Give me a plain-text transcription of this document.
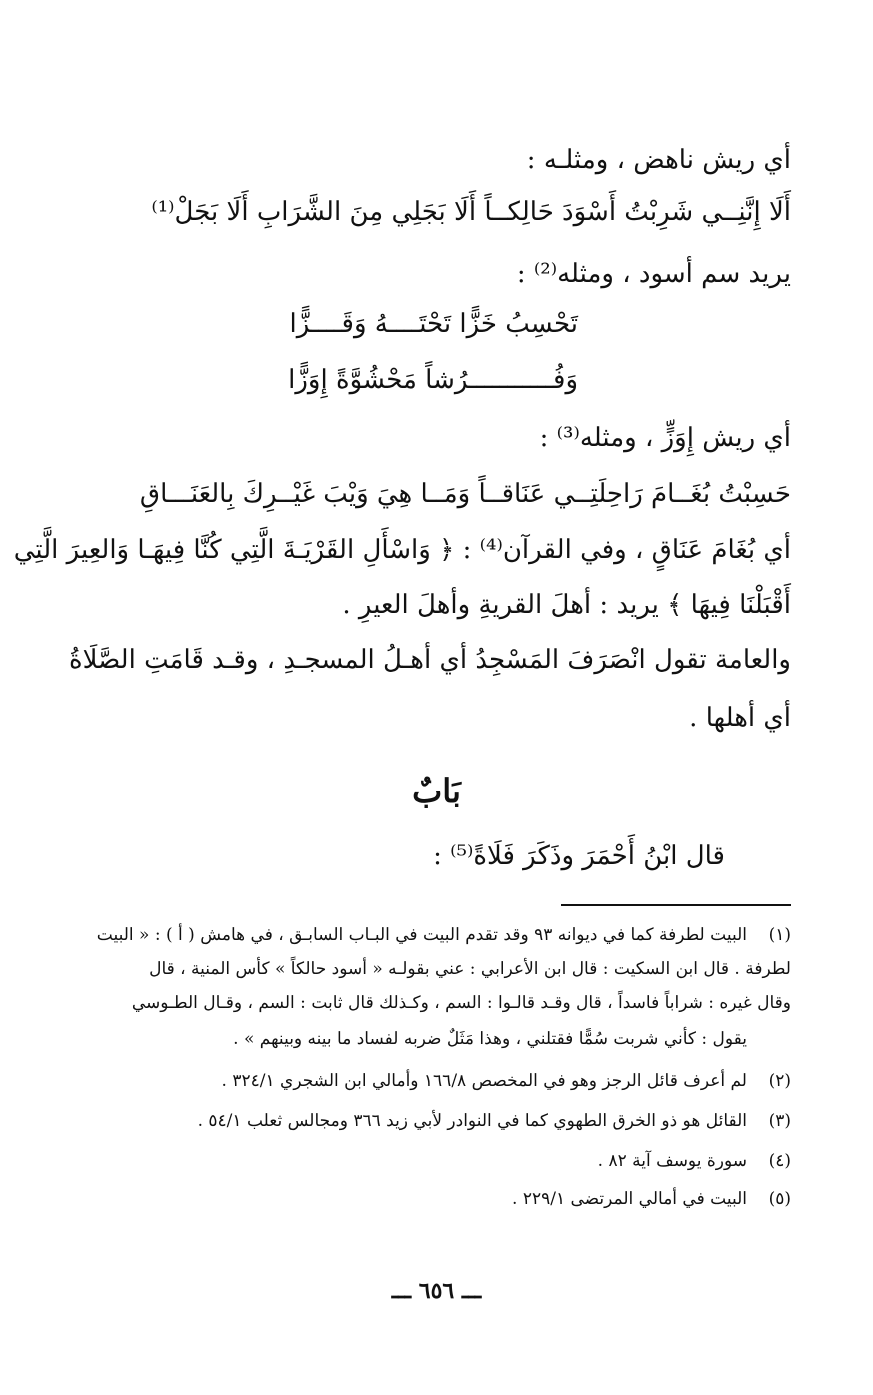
أي ريش ناهض ، ومثلـه :
أَلَا إِنَّنِــي شَرِبْتُ أَسْوَدَ حَالِكــاً أَلَا بَجَلِي مِنَ الشَّرَابِ أَلَا بَجَلْ⁽¹⁾
يريد سم أسود ، ومثله⁽²⁾ :
تَحْسِبُ خَزًّا تَحْتَــــهُ وَقَــــزًّا
وَفُـــــــــــرُشاً مَحْشُوَّةً إِوَزًّا
أي ريش إِوَزٍّ ، ومثله⁽³⁾ :
حَسِبْتُ بُغَــامَ رَاحِلَتِــي عَنَاقــاً وَمَــا هِيَ وَيْبَ غَيْــرِكَ بِالعَنَـــاقِ
أي بُغَامَ عَنَاقٍ ، وفي القرآن⁽⁴⁾ : ﴿ وَاسْأَلِ القَرْيَـةَ الَّتِي كُنَّا فِيهَـا وَالعِيرَ الَّتِي
أَقْبَلْنَا فِيهَا ﴾ يريد : أهلَ القريةِ وأهلَ العيرِ .
والعامة تقول انْصَرَفَ المَسْجِدُ أي أهـلُ المسجـدِ ، وقـد قَامَتِ الصَّلَاةُ
أي أهلها .
بَابٌ
قال ابْنُ أَحْمَرَ وذَكَرَ فَلَاةً⁽⁵⁾ :
(١)البيت لطرفة كما في ديوانه ٩٣ وقد تقدم البيت في البـاب السابـق ، في هامش ( أ ) : « البيت
لطرفة . قال ابن السكيت : قال ابن الأعرابي : عني بقولـه « أسود حالكاً » كأس المنية ، قال
وقال غيره : شراباً فاسداً ، قال وقـد قالـوا : السم ، وكـذلك قال ثابت : السم ، وقـال الطـوسي
يقول : كأني شربت سُمًّا فقتلني ، وهذا مَثَلٌ ضربه لفساد ما بينه وبينهم » .
(٢)لم أعرف قائل الرجز وهو في المخصص ١٦٦/٨ وأمالي ابن الشجري ٣٢٤/١ .
(٣)القائل هو ذو الخرق الطهوي كما في النوادر لأبي زيد ٣٦٦ ومجالس ثعلب ٥٤/١ .
(٤)سورة يوسف آية ٨٢ .
(٥)البيت في أمالي المرتضى ٢٢٩/١ .
ـــ ٦٥٦ ـــ
